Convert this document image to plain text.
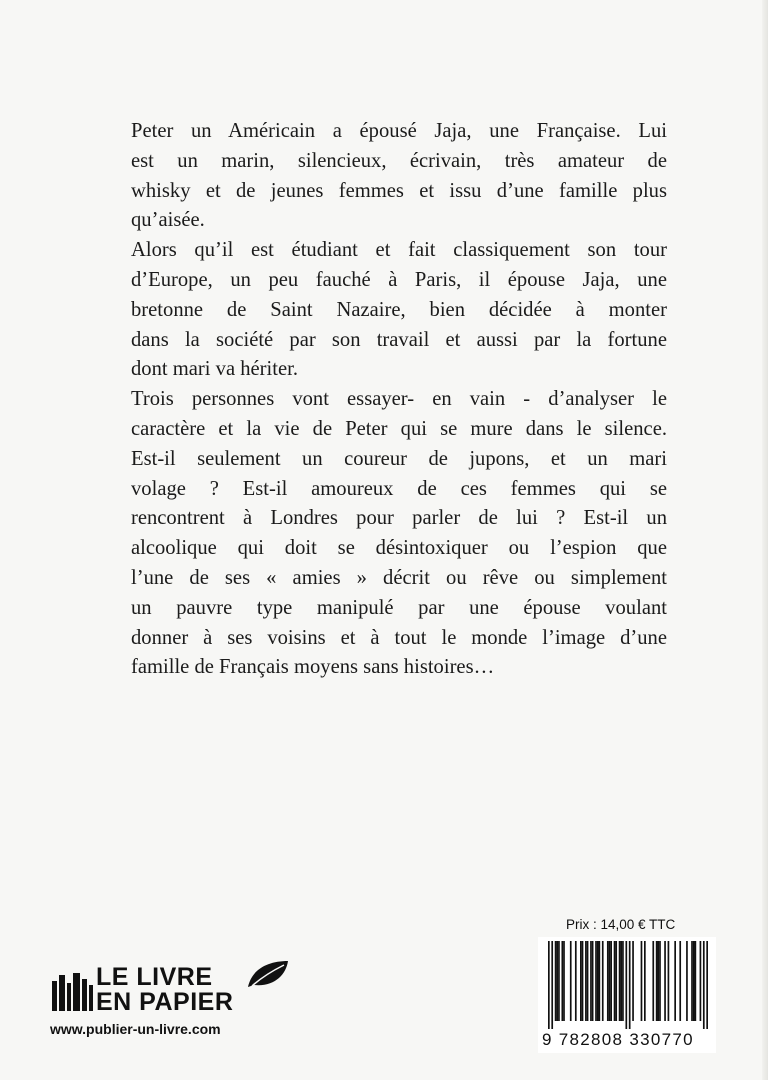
Peter un Américain a épousé Jaja, une Française. Lui
est un marin, silencieux, écrivain, très amateur de
whisky et de jeunes femmes et issu d’une famille plus
qu’aisée.
Alors qu’il est étudiant et fait classiquement son tour
d’Europe, un peu fauché à Paris, il épouse Jaja, une
bretonne de Saint Nazaire, bien décidée à monter
dans la société par son travail et aussi par la fortune
dont mari va hériter.
Trois personnes vont essayer- en vain - d’analyser le
caractère et la vie de Peter qui se mure dans le silence.
Est-il seulement un coureur de jupons, et un mari
volage ? Est-il amoureux de ces femmes qui se
rencontrent à Londres pour parler de lui ? Est-il un
alcoolique qui doit se désintoxiquer ou l’espion que
l’une de ses « amies » décrit ou rêve ou simplement
un pauvre type manipulé par une épouse voulant
donner à ses voisins et à tout le monde l’image d’une
famille de Français moyens sans histoires…
LE LIVRE
EN PAPIER
www.publier-un-livre.com
Prix : 14,00 € TTC
9 782808 330770
